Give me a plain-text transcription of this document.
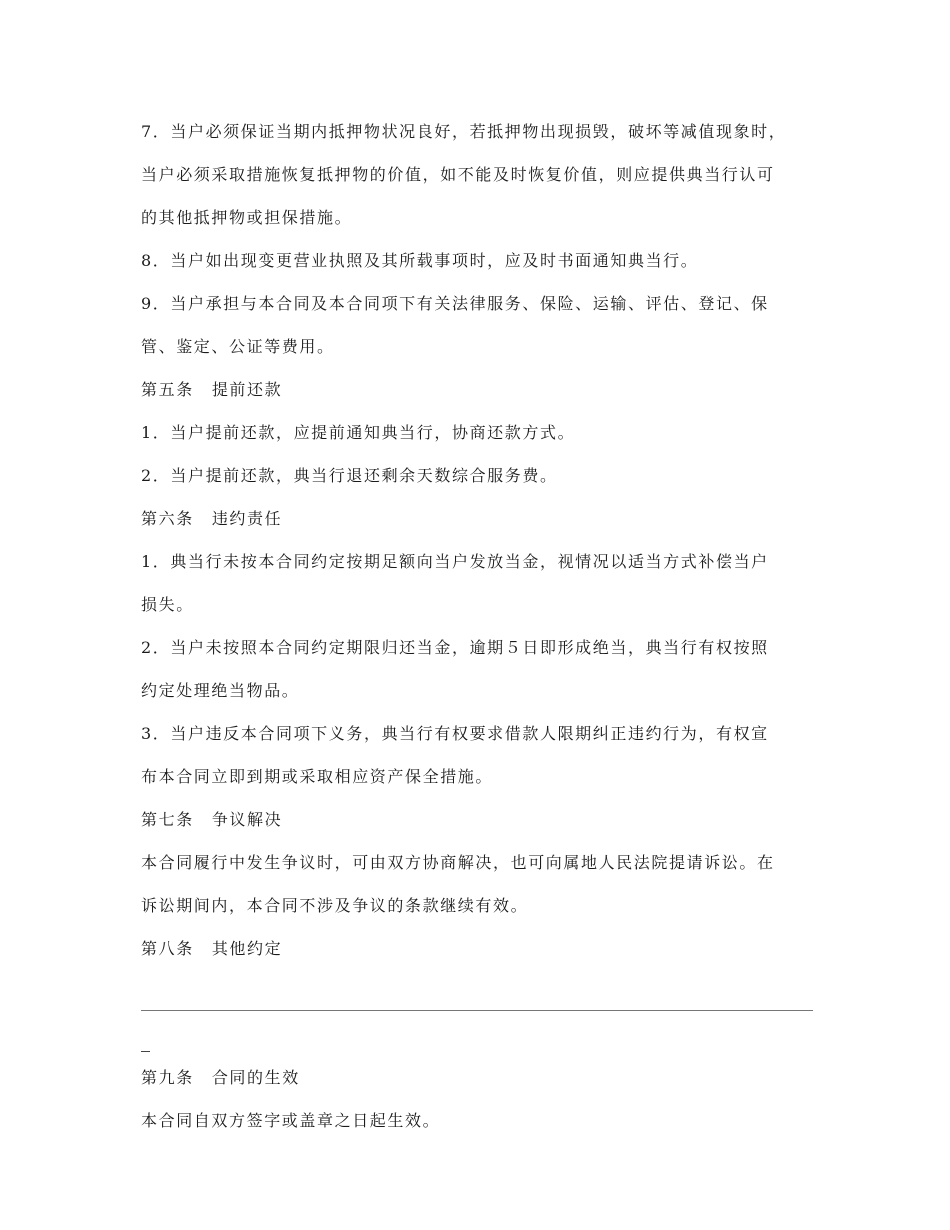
7．当户必须保证当期内抵押物状况良好，若抵押物出现损毁，破坏等减值现象时，
当户必须采取措施恢复抵押物的价值，如不能及时恢复价值，则应提供典当行认可
的其他抵押物或担保措施。
8．当户如出现变更营业执照及其所载事项时，应及时书面通知典当行。
9．当户承担与本合同及本合同项下有关法律服务、保险、运输、评估、登记、保
管、鉴定、公证等费用。
第五条 提前还款
1．当户提前还款，应提前通知典当行，协商还款方式。
2．当户提前还款，典当行退还剩余天数综合服务费。
第六条 违约责任
1．典当行未按本合同约定按期足额向当户发放当金，视情况以适当方式补偿当户
损失。
2．当户未按照本合同约定期限归还当金，逾期５日即形成绝当，典当行有权按照
约定处理绝当物品。
3．当户违反本合同项下义务，典当行有权要求借款人限期纠正违约行为，有权宣
布本合同立即到期或采取相应资产保全措施。
第七条 争议解决
本合同履行中发生争议时，可由双方协商解决，也可向属地人民法院提请诉讼。在
诉讼期间内，本合同不涉及争议的条款继续有效。
第八条 其他约定
第九条 合同的生效
本合同自双方签字或盖章之日起生效。
